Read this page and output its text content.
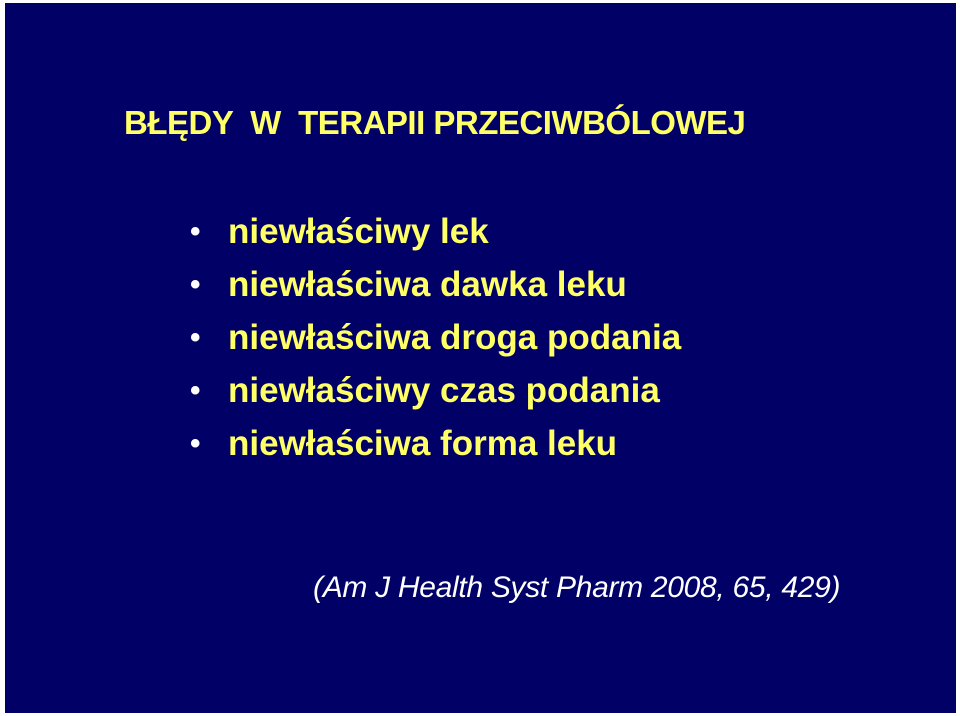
BŁĘDY  W  TERAPII PRZECIWBÓLOWEJ
• niewłaściwy lek
• niewłaściwa dawka leku
• niewłaściwa droga podania
• niewłaściwy czas podania
• niewłaściwa forma leku
(Am J Health Syst Pharm 2008, 65, 429)
